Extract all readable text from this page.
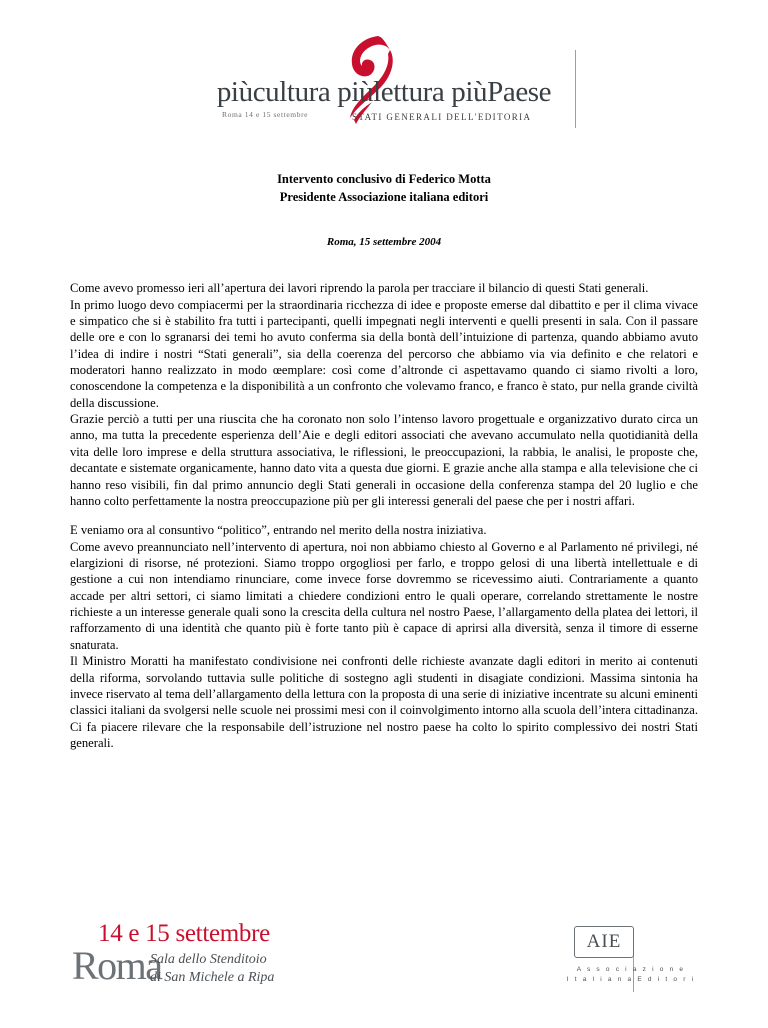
piùcultura piùlettura piùPaese
Roma 14 e 15 settembre	STATI GENERALI DELL'EDITORIA
Intervento conclusivo di Federico Motta
Presidente Associazione italiana editori
Roma, 15 settembre 2004

Come avevo promesso ieri all’apertura dei lavori riprendo la parola per tracciare il bilancio di questi Stati generali.

In primo luogo devo compiacermi per la straordinaria ricchezza di idee e proposte emerse dal dibattito e per il clima vivace e simpatico che si è stabilito fra tutti i partecipanti, quelli impegnati negli interventi e quelli presenti in sala. Con il passare delle ore e con lo sgranarsi dei temi ho avuto conferma sia della bontà dell’intuizione di partenza, quando abbiamo avuto l’idea di indire i nostri “Stati generali”, sia della coerenza del percorso che abbiamo via via definito e che relatori e moderatori hanno realizzato in modo œemplare: così come d’altronde ci aspettavamo quando ci siamo rivolti a loro, conoscendone la competenza e la disponibilità a un confronto che volevamo franco, e franco è stato, pur nella grande civiltà della discussione.

Grazie perciò a tutti per una riuscita che ha coronato non solo l’intenso lavoro progettuale e organizzativo durato circa un anno, ma tutta la precedente esperienza dell’Aie e degli editori associati che avevano accumulato nella quotidianità della vita delle loro imprese e della struttura associativa, le riflessioni, le preoccupazioni, la rabbia, le analisi, le proposte che, decantate e sistemate organicamente, hanno dato vita a questa due giorni. E grazie anche alla stampa e alla televisione che ci hanno reso visibili, fin dal primo annuncio degli Stati generali in occasione della conferenza stampa del 20 luglio e che hanno colto perfettamente la nostra preoccupazione più per gli interessi generali del paese che per i nostri affari.

E veniamo ora al consuntivo “politico”, entrando nel merito della nostra iniziativa.

Come avevo preannunciato nell’intervento di apertura, noi non abbiamo chiesto al Governo e al Parlamento né privilegi, né elargizioni di risorse, né protezioni. Siamo troppo orgogliosi per farlo, e troppo gelosi di una libertà intellettuale e di gestione a cui non intendiamo rinunciare, come invece forse dovremmo se ricevessimo aiuti. Contrariamente a quanto accade per altri settori, ci siamo limitati a chiedere condizioni entro le quali operare, correlando strettamente le nostre richieste a un interesse generale quali sono la crescita della cultura nel nostro Paese, l’allargamento della platea dei lettori, il rafforzamento di una identità che quanto più è forte tanto più è capace di aprirsi alla diversità, senza il timore di esserne snaturata.

Il Ministro Moratti ha manifestato condivisione nei confronti delle richieste avanzate dagli editori in merito ai contenuti della riforma, sorvolando tuttavia sulle politiche di sostegno agli studenti in disagiate condizioni. Massima sintonia ha invece riservato al tema dell’allargamento della lettura con la proposta di una serie di iniziative incentrate su alcuni eminenti classici italiani da svolgersi nelle scuole nei prossimi mesi con il coinvolgimento intorno alla scuola dell’intera cittadinanza. Ci fa piacere rilevare che la responsabile dell’istruzione nel nostro paese ha colto lo spirito complessivo dei nostri Stati generali.

14 e 15 settembre
Roma
Sala dello Stenditoio
di San Michele a Ripa
AIE
A s s o c i a z i o n e
I t a l i a n a E d i t o r i
